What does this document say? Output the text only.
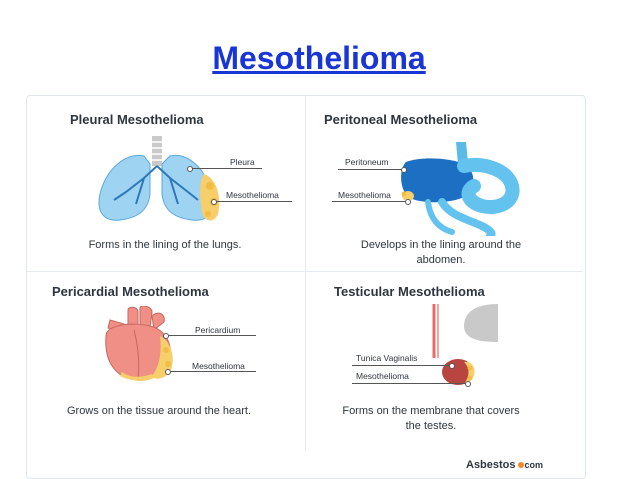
Mesothelioma
Pleural Mesothelioma
Pleura
Mesothelioma
Forms in the lining of the lungs.
Peritoneal Mesothelioma
Peritoneum
Mesothelioma
Develops in the lining around the
abdomen.
Pericardial Mesothelioma
Pericardium
Mesothelioma
Grows on the tissue around the heart.
Testicular Mesothelioma
Tunica Vaginalis
Mesothelioma
Forms on the membrane that covers
the testes.
Asbestos com
